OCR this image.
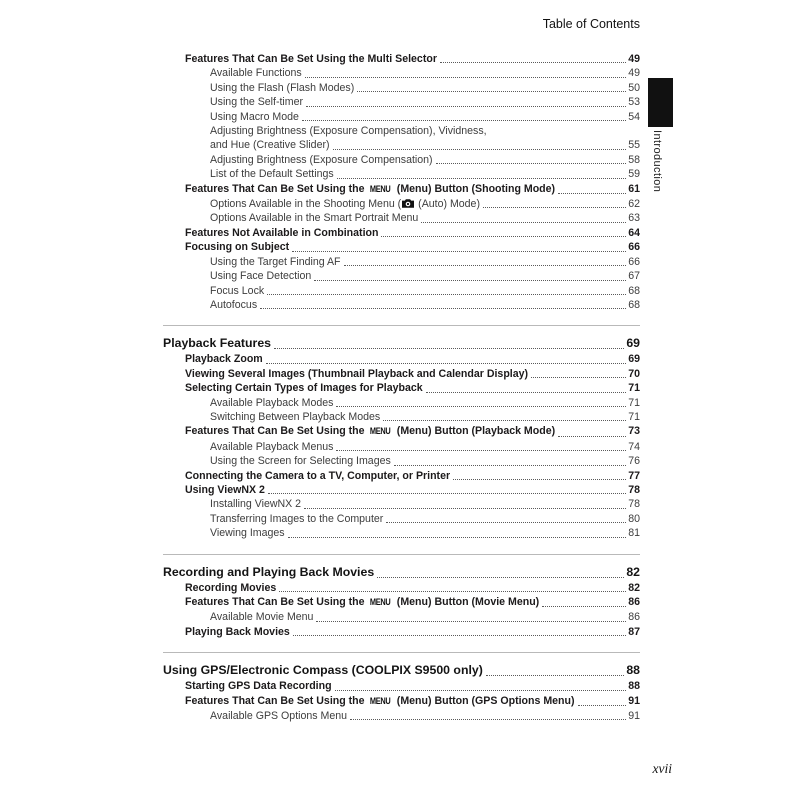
Table of Contents
Introduction
Features That Can Be Set Using the Multi Selector	49
Available Functions	49
Using the Flash (Flash Modes)	50
Using the Self-timer	53
Using Macro Mode	54
Adjusting Brightness (Exposure Compensation), Vividness,
and Hue (Creative Slider)	55
Adjusting Brightness (Exposure Compensation)	58
List of the Default Settings	59
Features That Can Be Set Using the MENU (Menu) Button (Shooting Mode)	61
Options Available in the Shooting Menu ( (Auto) Mode)	62
Options Available in the Smart Portrait Menu	63
Features Not Available in Combination	64
Focusing on Subject	66
Using the Target Finding AF	66
Using Face Detection	67
Focus Lock	68
Autofocus	68
Playback Features	69
Playback Zoom	69
Viewing Several Images (Thumbnail Playback and Calendar Display)	70
Selecting Certain Types of Images for Playback	71
Available Playback Modes	71
Switching Between Playback Modes	71
Features That Can Be Set Using the MENU (Menu) Button (Playback Mode)	73
Available Playback Menus	74
Using the Screen for Selecting Images	76
Connecting the Camera to a TV, Computer, or Printer	77
Using ViewNX 2	78
Installing ViewNX 2	78
Transferring Images to the Computer	80
Viewing Images	81
Recording and Playing Back Movies	82
Recording Movies	82
Features That Can Be Set Using the MENU (Menu) Button (Movie Menu)	86
Available Movie Menu	86
Playing Back Movies	87
Using GPS/Electronic Compass (COOLPIX S9500 only)	88
Starting GPS Data Recording	88
Features That Can Be Set Using the MENU (Menu) Button (GPS Options Menu)	91
Available GPS Options Menu	91
xvii
